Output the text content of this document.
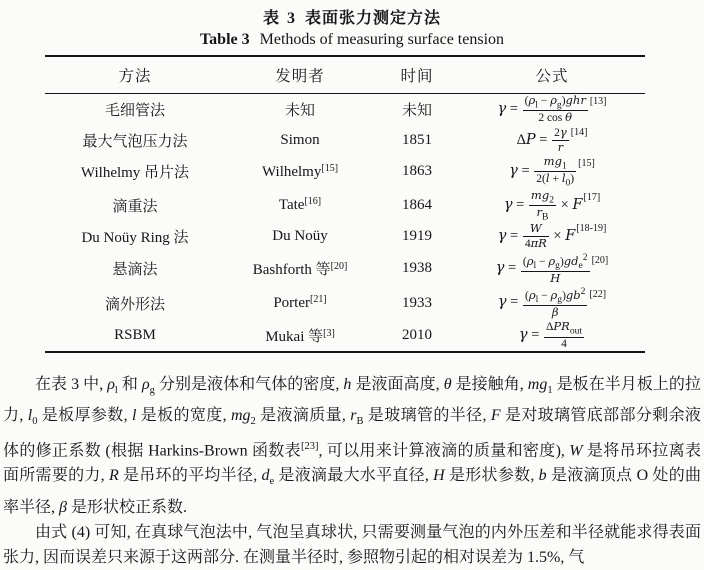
表 3 表面张力测定方法
Table 3 Methods of measuring surface tension
方法	发明者	时间	公式
毛细管法	未知	未知	$\gamma = \frac{(\rho_l - \rho_g)ghr}{\text{2 cos θ}} [13]$
最大气泡压力法	Simon	1851	$\Delta P = \frac{2\gamma}{r} [14]$
Wilhelmy 吊片法	Wilhelmy[15]	1863	$\gamma = \frac{mg_1}{2(l + l_0)} [15]$
滴重法	Tate[16]	1864	$\gamma = \frac{mg_2}{r_B} \times F[17]$
Du Noüy Ring 法	Du Noüy	1919	$\gamma = \frac{W}{4\pi R} \times F[18-19]$
悬滴法	Bashforth 等[20]	1938	$\gamma = \frac{(\rho_l - \rho_g)gd_e^2}{H} [20]$
滴外形法	Porter[21]	1933	$\gamma = \frac{(\rho_l - \rho_g)gb^2}{\beta} [22]$
RSBM	Mukai 等[3]	2010	$\gamma = \frac{\Delta PR_{out}}{4}$

在表 3 中, $\rho_l$ 和 $\rho_g$ 分别是液体和气体的密度, h 是液面高度, θ 是接触角, $mg_1$ 是板在半月板上的拉力, $l_0$ 是板厚参数, l 是板的宽度, $mg_2$ 是液滴质量, $r_B$ 是玻璃管的半径, F 是对玻璃管底部部分剩余液体的修正系数 (根据 Harkins-Brown 函数表[23], 可以用来计算液滴的质量和密度), W 是将吊环拉离表面所需要的力, R 是吊环的平均半径, $d_e$ 是液滴最大水平直径, H 是形状参数, b 是液滴顶点 O 处的曲率半径, β 是形状校正系数.

由式 (4) 可知, 在真球气泡法中, 气泡呈真球状, 只需要测量气泡的内外压差和半径就能求得表面张力, 因而误差只来源于这两部分. 在测量半径时, 参照物引起的相对误差为 1.5%, 气
